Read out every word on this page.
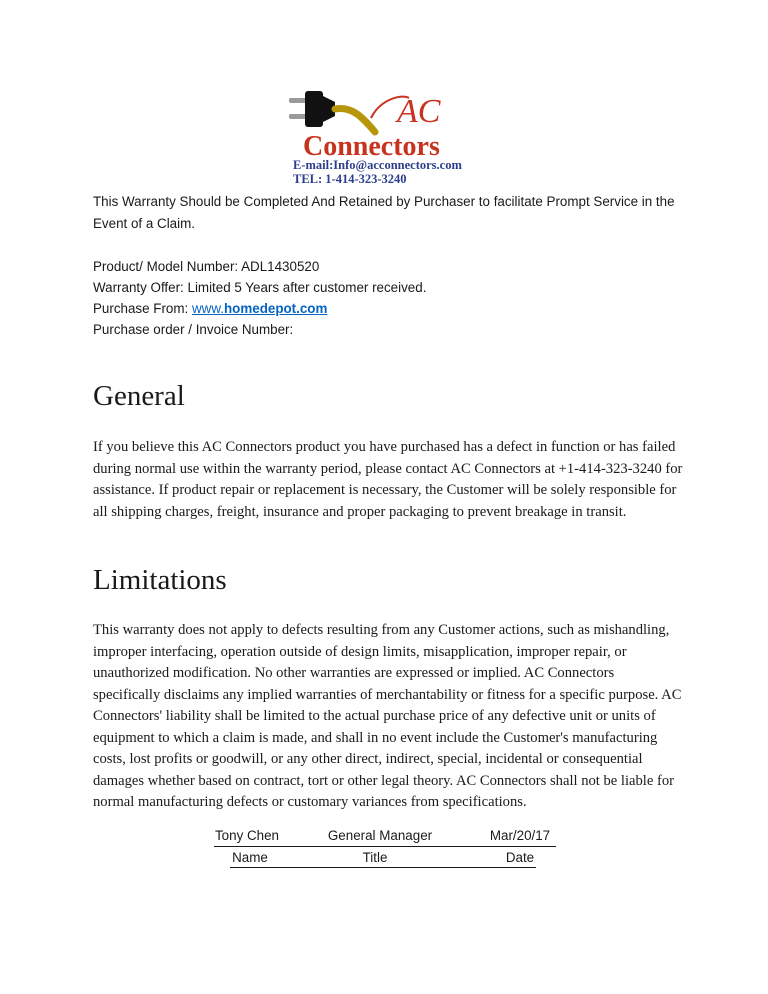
AC
Connectors
E-mail:Info@acconnectors.com
TEL: 1-414-323-3240
This Warranty Should be Completed And Retained by Purchaser to facilitate Prompt Service in the Event of a Claim.
Product/ Model Number: ADL1430520
Warranty Offer: Limited 5 Years after customer received.
Purchase From: www.homedepot.com
Purchase order / Invoice Number:
General

If you believe this AC Connectors product you have purchased has a defect in function or has failed during normal use within the warranty period, please contact AC Connectors at +1-414-323-3240 for assistance. If product repair or replacement is necessary, the Customer will be solely responsible for all shipping charges, freight, insurance and proper packaging to prevent breakage in transit.

Limitations

This warranty does not apply to defects resulting from any Customer actions, such as mishandling, improper interfacing, operation outside of design limits, misapplication, improper repair, or unauthorized modification. No other warranties are expressed or implied. AC Connectors specifically disclaims any implied warranties of merchantability or fitness for a specific purpose. AC Connectors' liability shall be limited to the actual purchase price of any defective unit or units of equipment to which a claim is made, and shall in no event include the Customer's manufacturing costs, lost profits or goodwill, or any other direct, indirect, special, incidental or consequential damages whether based on contract, tort or other legal theory. AC Connectors shall not be liable for normal manufacturing defects or customary variances from specifications.

Tony Chen	General Manager	Mar/20/17
Name	Title	Date
